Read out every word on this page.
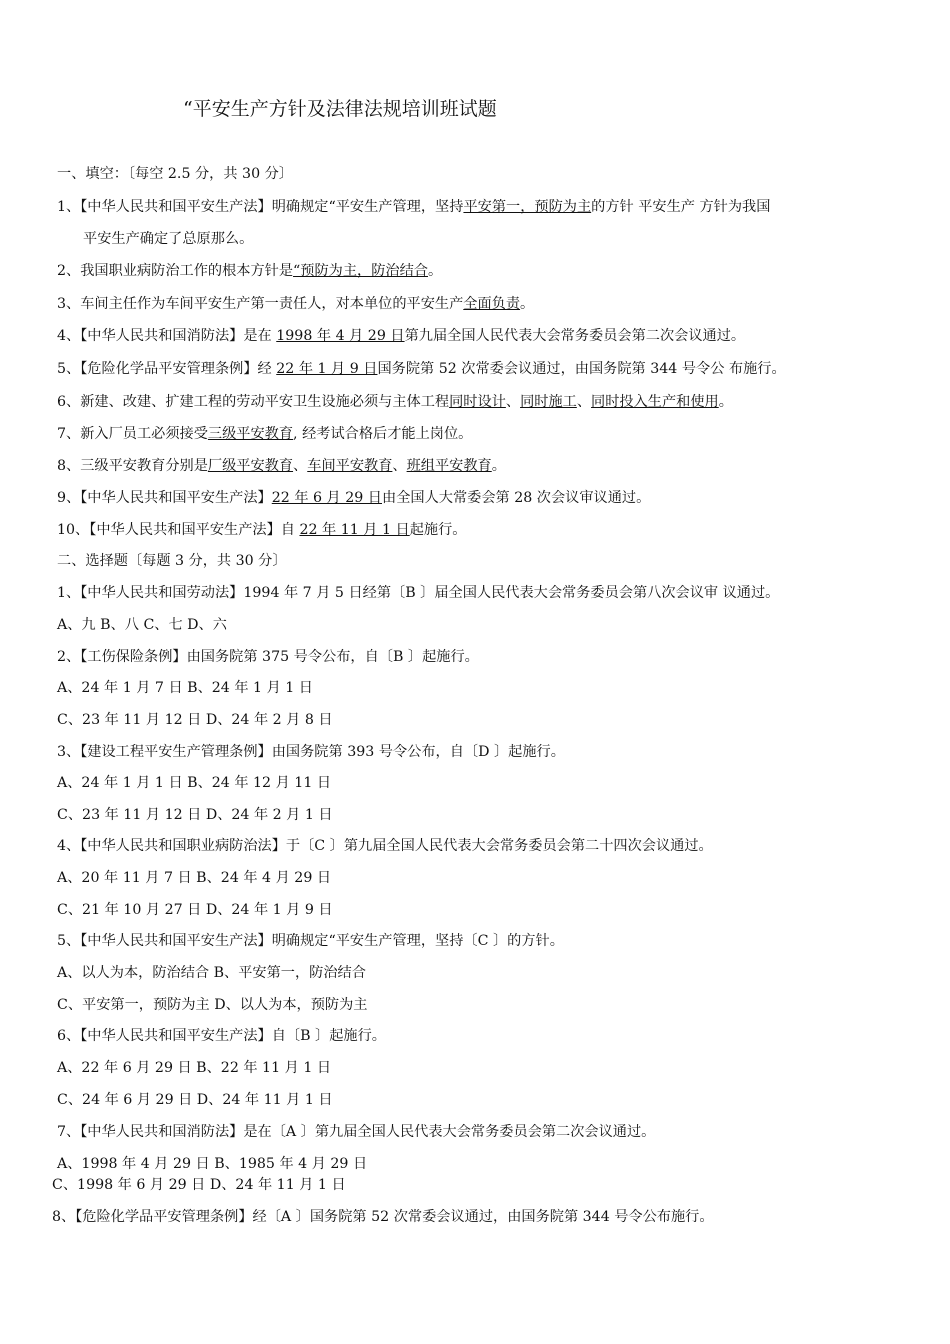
“平安生产方针及法律法规培训班试题
一、填空：〔每空 2.5 分，共 30 分〕
1、【中华人民共和国平安生产法】明确规定“平安生产管理，坚持平安第一，预防为主的方针 平安生产 方针为我国
平安生产确定了总原那么。
2、我国职业病防治工作的根本方针是“预防为主，防治结合。
3、车间主任作为车间平安生产第一责任人，对本单位的平安生产全面负责。
4、【中华人民共和国消防法】是在 1998 年 4 月 29 日第九届全国人民代表大会常务委员会第二次会议通过。
5、【危险化学品平安管理条例】经 22 年 1 月 9 日国务院第 52 次常委会议通过，由国务院第 344 号令公 布施行。
6、新建、改建、扩建工程的劳动平安卫生设施必须与主体工程同时设计、同时施工、同时投入生产和使用。
7、新入厂员工必须接受三级平安教育, 经考试合格后才能上岗位。
8、三级平安教育分别是厂级平安教育、车间平安教育、班组平安教育。
9、【中华人民共和国平安生产法】22 年 6 月 29 日由全国人大常委会第 28 次会议审议通过。
10、【中华人民共和国平安生产法】自 22 年 11 月 1 日起施行。
二、选择题〔每题 3 分，共 30 分〕
1、【中华人民共和国劳动法】1994 年 7 月 5 日经第〔B 〕届全国人民代表大会常务委员会第八次会议审 议通过。
A、九 B、八 C、七 D、六
2、【工伤保险条例】由国务院第 375 号令公布，自〔B 〕起施行。
A、24 年 1 月 7 日 B、24 年 1 月 1 日
C、23 年 11 月 12 日 D、24 年 2 月 8 日
3、【建设工程平安生产管理条例】由国务院第 393 号令公布，自〔D 〕起施行。
A、24 年 1 月 1 日 B、24 年 12 月 11 日
C、23 年 11 月 12 日 D、24 年 2 月 1 日
4、【中华人民共和国职业病防治法】于〔C 〕第九届全国人民代表大会常务委员会第二十四次会议通过。
A、20 年 11 月 7 日 B、24 年 4 月 29 日
C、21 年 10 月 27 日 D、24 年 1 月 9 日
5、【中华人民共和国平安生产法】明确规定“平安生产管理，坚持〔C 〕的方针。
A、以人为本，防治结合 B、平安第一，防治结合
C、平安第一，预防为主 D、以人为本，预防为主
6、【中华人民共和国平安生产法】自〔B 〕起施行。
A、22 年 6 月 29 日 B、22 年 11 月 1 日
C、24 年 6 月 29 日 D、24 年 11 月 1 日
7、【中华人民共和国消防法】是在〔A 〕第九届全国人民代表大会常务委员会第二次会议通过。
A、1998 年 4 月 29 日 B、1985 年 4 月 29 日
C、1998 年 6 月 29 日 D、24 年 11 月 1 日
8、【危险化学品平安管理条例】经〔A 〕国务院第 52 次常委会议通过，由国务院第 344 号令公布施行。
